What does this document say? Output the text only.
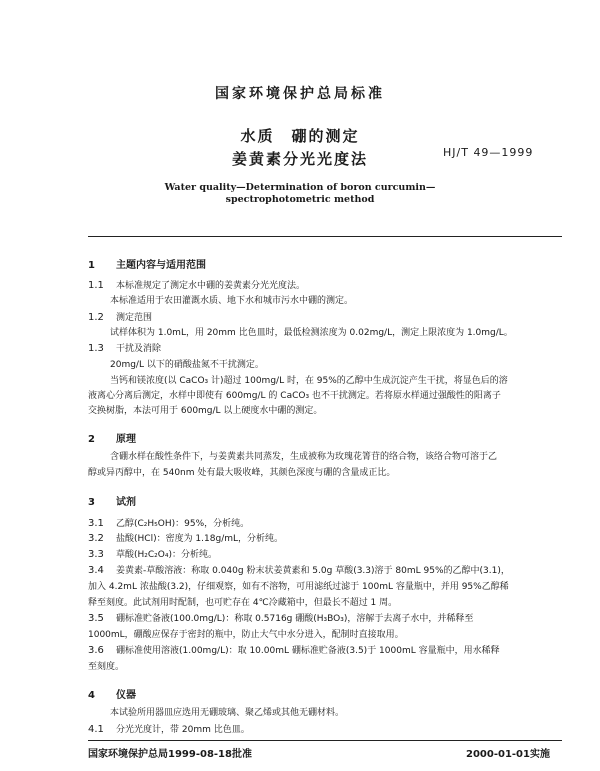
国家环境保护总局标准
水质　硼的测定
姜黄素分光光度法	HJ/T 49—1999
Water quality—Determination of boron curcumin—
spectrophotometric method
1 主题内容与适用范围
1.1 本标准规定了测定水中硼的姜黄素分光光度法。
本标准适用于农田灌溉水质、地下水和城市污水中硼的测定。
1.2 测定范围
试样体积为 1.0mL，用 20mm 比色皿时，最低检测浓度为 0.02mg/L，测定上限浓度为 1.0mg/L。
1.3 干扰及消除
20mg/L 以下的硝酸盐氮不干扰测定。
当钙和镁浓度(以 CaCO₃ 计)超过 100mg/L 时，在 95%的乙醇中生成沉淀产生干扰，将显色后的溶
液离心分离后测定，水样中即使有 600mg/L 的 CaCO₃ 也不干扰测定。若将原水样通过强酸性的阳离子
交换树脂，本法可用于 600mg/L 以上硬度水中硼的测定。
2 原理
含硼水样在酸性条件下，与姜黄素共同蒸发，生成被称为玫瑰花箐苷的络合物，该络合物可溶于乙
醇或异丙醇中，在 540nm 处有最大吸收峰，其颜色深度与硼的含量成正比。
3 试剂
3.1 乙醇(C₂H₅OH)：95%，分析纯。
3.2 盐酸(HCl)：密度为 1.18g/mL，分析纯。
3.3 草酸(H₂C₂O₄)：分析纯。
3.4 姜黄素-草酸溶液：称取 0.040g 粉末状姜黄素和 5.0g 草酸(3.3)溶于 80mL 95%的乙醇中(3.1)，
加入 4.2mL 浓盐酸(3.2)，仔细观察，如有不溶物，可用滤纸过滤于 100mL 容量瓶中，并用 95%乙醇稀
释至刻度。此试剂用时配制，也可贮存在 4℃冷藏箱中，但最长不超过 1 周。
3.5 硼标准贮备液(100.0mg/L)：称取 0.5716g 硼酸(H₃BO₃)，溶解于去离子水中，并稀释至
1000mL，硼酸应保存于密封的瓶中，防止大气中水分进入，配制时直接取用。
3.6 硼标准使用溶液(1.00mg/L)：取 10.00mL 硼标准贮备液(3.5)于 1000mL 容量瓶中，用水稀释
至刻度。
4 仪器
本试验所用器皿应选用无硼玻璃、聚乙烯或其他无硼材料。
4.1 分光光度计，带 20mm 比色皿。
国家环境保护总局1999-08-18批准	2000-01-01实施
